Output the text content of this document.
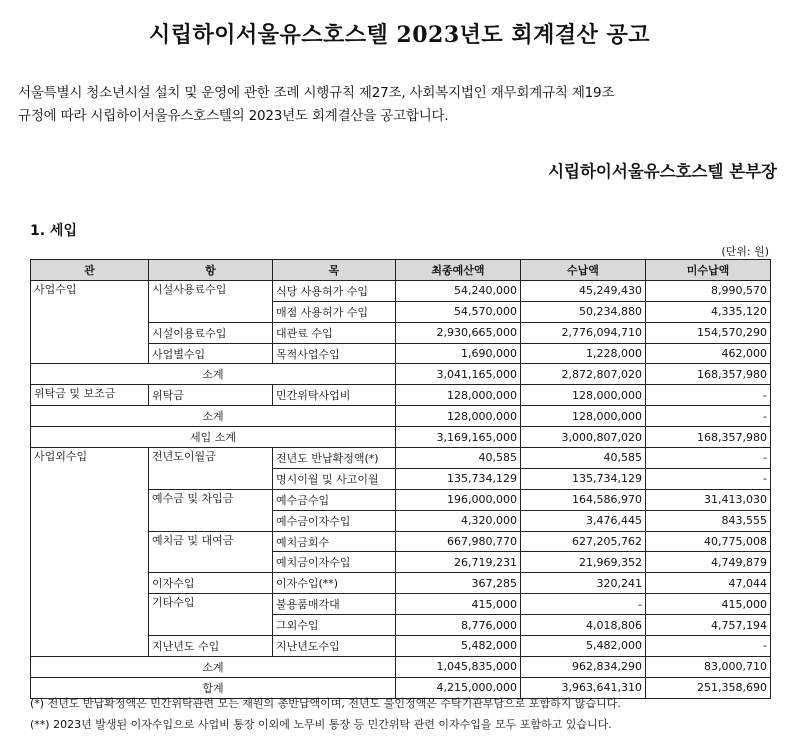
시립하이서울유스호스텔 2023년도 회계결산 공고
서울특별시 청소년시설 설치 및 운영에 관한 조례 시행규칙 제27조, 사회복지법인 재무회계규칙 제19조
규정에 따라 시립하이서울유스호스텔의 2023년도 회계결산을 공고합니다.
시립하이서울유스호스텔 본부장
1. 세입
(단위: 원)
관	항	목	최종예산액	수납액	미수납액
사업수입	시설사용료수입	식당 사용허가 수입	54,240,000	45,249,430	8,990,570
		매점 사용허가 수입	54,570,000	50,234,880	4,335,120
	시설이용료수입	대관료 수입	2,930,665,000	2,776,094,710	154,570,290
	사업별수입	목적사업수입	1,690,000	1,228,000	462,000
소계			3,041,165,000	2,872,807,020	168,357,980
위탁금 및 보조금	위탁금	민간위탁사업비	128,000,000	128,000,000	-
소계			128,000,000	128,000,000	-
세입 소계			3,169,165,000	3,000,807,020	168,357,980
사업외수입	전년도이월금	전년도 반납확정액(*)	40,585	40,585	-
		명시이월 및 사고이월	135,734,129	135,734,129	-
	예수금 및 차입금	예수금수입	196,000,000	164,586,970	31,413,030
		예수금이자수입	4,320,000	3,476,445	843,555
	예치금 및 대여금	예치금회수	667,980,770	627,205,762	40,775,008
		예치금이자수입	26,719,231	21,969,352	4,749,879
	이자수입	이자수입(**)	367,285	320,241	47,044
	기타수입	불용품매각대	415,000	-	415,000
		그외수입	8,776,000	4,018,806	4,757,194
	지난년도 수입	지난년도수입	5,482,000	5,482,000	-
소계			1,045,835,000	962,834,290	83,000,710
합계			4,215,000,000	3,963,641,310	251,358,690
(*) 전년도 반납확정액은 민간위탁관련 모든 재원의 총반납액이며, 전년도 불인정액은 수탁기관부담으로 포함하지 않습니다.
(**) 2023년 발생된 이자수입으로 사업비 통장 이외에 노무비 통장 등 민간위탁 관련 이자수입을 모두 포함하고 있습니다.
